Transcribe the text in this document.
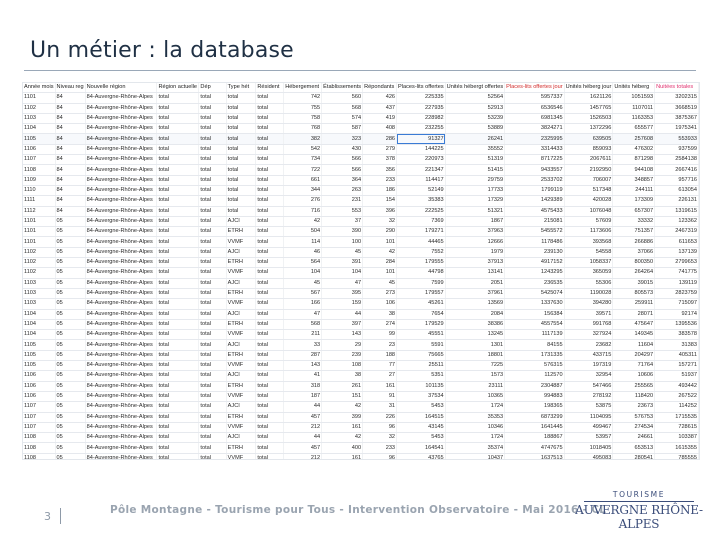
Un métier : la database
Année mois	Niveau reg	Nouvelle région	Région actuelle	Dép	Type hét	Résident	Hébergement	Établissements	Répondants	Places-lits offertes	Unités hébergt offertes	Places-lits offertes jour	Unités héberg jour	Unités héberg	Nuitées totales
1101	84	84-Auvergne-Rhône-Alpes	total	total	total	total	742	560	426	225335	52564	5957337	1621126	1051593	3202315
1102	84	84-Auvergne-Rhône-Alpes	total	total	total	total	755	568	437	227935	52913	6536546	1457765	1107011	3668519
1103	84	84-Auvergne-Rhône-Alpes	total	total	total	total	758	574	419	228982	53239	6981345	1526503	1163353	3875367
1104	84	84-Auvergne-Rhône-Alpes	total	total	total	total	768	587	408	232255	53889	3824271	1372296	655577	1975341
1105	84	84-Auvergne-Rhône-Alpes	total	total	total	total	382	323	286	91327	26241	2325995	639505	257608	553933
1106	84	84-Auvergne-Rhône-Alpes	total	total	total	total	542	430	279	144225	35552	3314433	859093	476302	937599
1107	84	84-Auvergne-Rhône-Alpes	total	total	total	total	734	566	378	220973	51319	8717225	2067611	871298	2584138
1108	84	84-Auvergne-Rhône-Alpes	total	total	total	total	722	566	356	221347	51415	9433557	2192950	944108	2667416
1109	84	84-Auvergne-Rhône-Alpes	total	total	total	total	661	364	233	114417	29759	2533702	706007	348857	957716
1110	84	84-Auvergne-Rhône-Alpes	total	total	total	total	344	263	186	52149	17733	1799119	517348	244111	613054
1111	84	84-Auvergne-Rhône-Alpes	total	total	total	total	276	231	154	35383	17329	1429389	420028	173309	226131
1112	84	84-Auvergne-Rhône-Alpes	total	total	total	total	716	553	396	222525	51321	4575433	1076048	657307	1319615
1101	05	84-Auvergne-Rhône-Alpes	total	total	AJCI	total	42	37	32	7369	1867	215081	57609	33332	123362
1101	05	84-Auvergne-Rhône-Alpes	total	total	ETRH	total	504	390	290	179271	37963	5455572	1173606	751357	2467319
1101	05	84-Auvergne-Rhône-Alpes	total	total	VVMF	total	114	100	101	44465	12666	1178486	393568	266886	611653
1102	05	84-Auvergne-Rhône-Alpes	total	total	AJCI	total	46	45	42	7552	1979	239130	54558	37066	137139
1102	05	84-Auvergne-Rhône-Alpes	total	total	ETRH	total	564	391	284	179555	37913	4917152	1058337	800350	2799653
1102	05	84-Auvergne-Rhône-Alpes	total	total	VVMF	total	104	104	101	44798	13141	1243295	365059	264264	741775
1103	05	84-Auvergne-Rhône-Alpes	total	total	AJCI	total	45	47	45	7599	2051	236535	55306	39015	139119
1103	05	84-Auvergne-Rhône-Alpes	total	total	ETRH	total	567	395	273	179557	37961	5425074	1190028	805573	2823759
1103	05	84-Auvergne-Rhône-Alpes	total	total	VVMF	total	166	159	106	45261	13569	1337630	394280	259911	715097
1104	05	84-Auvergne-Rhône-Alpes	total	total	AJCI	total	47	44	38	7654	2084	156384	39571	28071	92174
1104	05	84-Auvergne-Rhône-Alpes	total	total	ETRH	total	568	397	274	179529	38386	4557554	991768	475647	1395536
1104	05	84-Auvergne-Rhône-Alpes	total	total	VVMF	total	211	143	99	45551	13245	1117139	327924	149345	383578
1105	05	84-Auvergne-Rhône-Alpes	total	total	AJCI	total	33	29	23	5591	1301	84155	23682	11604	31383
1105	05	84-Auvergne-Rhône-Alpes	total	total	ETRH	total	287	239	188	75665	18801	1731335	433715	204297	405311
1105	05	84-Auvergne-Rhône-Alpes	total	total	VVMF	total	143	108	77	25511	7225	576315	197319	71764	157271
1106	05	84-Auvergne-Rhône-Alpes	total	total	AJCI	total	41	38	27	5351	1573	112570	32954	10606	51937
1106	05	84-Auvergne-Rhône-Alpes	total	total	ETRH	total	318	261	161	101135	23111	2304887	547466	255565	493442
1106	05	84-Auvergne-Rhône-Alpes	total	total	VVMF	total	187	151	91	37534	10365	994883	278192	118420	267522
1107	05	84-Auvergne-Rhône-Alpes	total	total	AJCI	total	44	42	31	5453	1724	198365	53875	23673	114252
1107	05	84-Auvergne-Rhône-Alpes	total	total	ETRH	total	457	399	226	164515	35353	6873299	1104095	576753	1715535
1107	05	84-Auvergne-Rhône-Alpes	total	total	VVMF	total	212	161	96	43145	10346	1641445	499467	274534	728615
1108	05	84-Auvergne-Rhône-Alpes	total	total	AJCI	total	44	42	32	5453	1724	188867	53957	24661	103387
1108	05	84-Auvergne-Rhône-Alpes	total	total	ETRH	total	457	400	233	164541	35374	4747675	1018405	653513	1615355
1108	05	84-Auvergne-Rhône-Alpes	total	total	VVMF	total	212	161	96	43765	10437	1637513	495083	280541	785555
3	Pôle Montagne - Tourisme pour Tous - Intervention Observatoire - Mai 2016 - CL
TOURISME
AUVERGNE RHÔNE-ALPES
